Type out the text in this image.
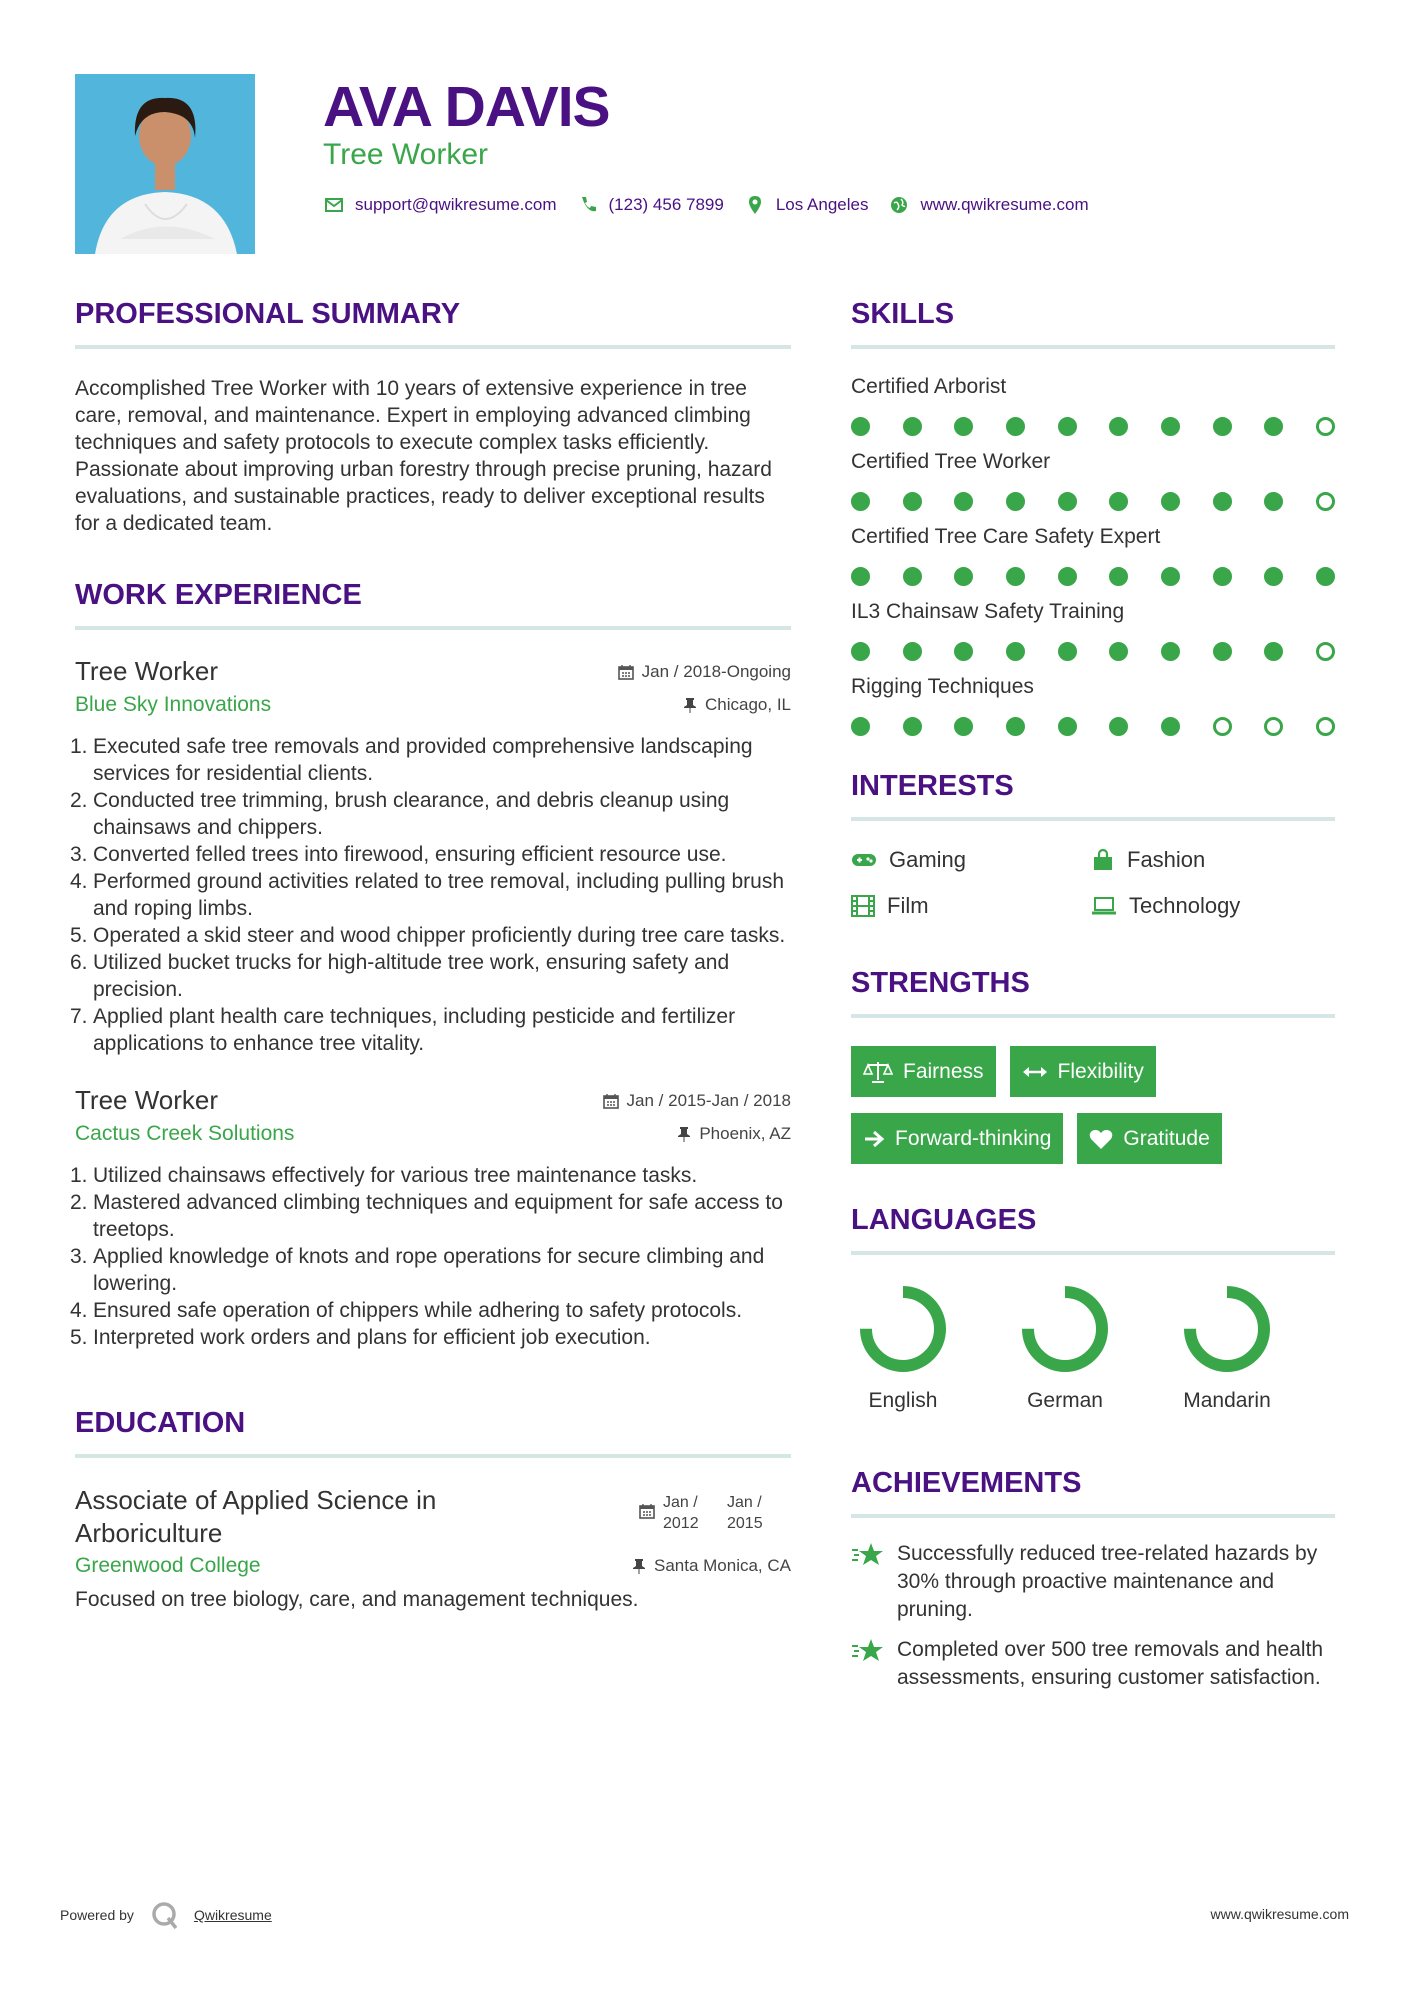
AVA DAVIS
Tree Worker
support@qwikresume.com	(123) 456 7899	Los Angeles	www.qwikresume.com
PROFESSIONAL SUMMARY
Accomplished Tree Worker with 10 years of extensive experience in tree care, removal, and maintenance. Expert in employing advanced climbing techniques and safety protocols to execute complex tasks efficiently. Passionate about improving urban forestry through precise pruning, hazard evaluations, and sustainable practices, ready to deliver exceptional results for a dedicated team.
WORK EXPERIENCE
Tree Worker	Jan / 2018-Ongoing
Blue Sky Innovations	Chicago, IL
1. Executed safe tree removals and provided comprehensive landscaping services for residential clients.
2. Conducted tree trimming, brush clearance, and debris cleanup using chainsaws and chippers.
3. Converted felled trees into firewood, ensuring efficient resource use.
4. Performed ground activities related to tree removal, including pulling brush and roping limbs.
5. Operated a skid steer and wood chipper proficiently during tree care tasks.
6. Utilized bucket trucks for high-altitude tree work, ensuring safety and precision.
7. Applied plant health care techniques, including pesticide and fertilizer applications to enhance tree vitality.
Tree Worker	Jan / 2015-Jan / 2018
Cactus Creek Solutions	Phoenix, AZ
1. Utilized chainsaws effectively for various tree maintenance tasks.
2. Mastered advanced climbing techniques and equipment for safe access to treetops.
3. Applied knowledge of knots and rope operations for secure climbing and lowering.
4. Ensured safe operation of chippers while adhering to safety protocols.
5. Interpreted work orders and plans for efficient job execution.
EDUCATION
Associate of Applied Science in Arboriculture
Jan /
2012
Jan /
2015
Greenwood College	Santa Monica, CA
Focused on tree biology, care, and management techniques.
SKILLS
Certified Arborist
Certified Tree Worker
Certified Tree Care Safety Expert
IL3 Chainsaw Safety Training
Rigging Techniques
INTERESTS
Gaming	Fashion
Film	Technology
STRENGTHS
Fairness	Flexibility
Forward-thinking	Gratitude
LANGUAGES
English	German	Mandarin
ACHIEVEMENTS
Successfully reduced tree-related hazards by 30% through proactive maintenance and pruning.
Completed over 500 tree removals and health assessments, ensuring customer satisfaction.
Powered by	Qwikresume	www.qwikresume.com
